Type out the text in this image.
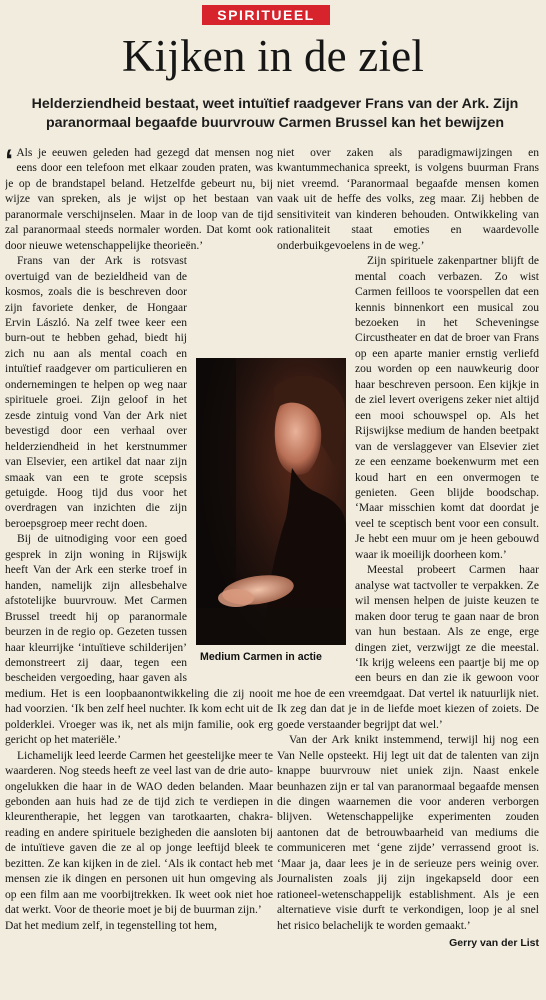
SPIRITUEEL
Kijken in de ziel
Helderziendheid bestaat, weet intuïtief raadgever Frans van der Ark. Zijn paranormaal begaafde buurvrouw Carmen Brussel kan het bewijzen

‘ Als je eeuwen geleden had gezegd dat mensen nog eens door een telefoon met elkaar zouden praten, was je op de brandstapel beland. Hetzelfde gebeurt nu, bij wijze van spreken, als je wijst op het bestaan van paranormale verschijnselen. Maar in de loop van de tijd zal paranormaal steeds normaler worden. Dat komt ook door nieuwe wetenschappelijke theorieën.’

Frans van der Ark is rotsvast overtuigd van de bezieldheid van de kosmos, zoals die is beschreven door zijn favoriete denker, de Hongaar Ervin László. Na zelf twee keer een burn-out te hebben gehad, biedt hij zich nu aan als mental coach en intuïtief raadgever om particulieren en ondernemingen te helpen op weg naar spirituele groei. Zijn geloof in het zesde zintuig vond Van der Ark niet bevestigd door een verhaal over helderziendheid in het kerstnummer van Elsevier, een artikel dat naar zijn smaak van een te grote scepsis getuigde. Hoog tijd dus voor het overdragen van inzichten die zijn beroepsgroep meer recht doen.

Bij de uitnodiging voor een goed gesprek in zijn woning in Rijswijk heeft Van der Ark een sterke troef in handen, namelijk zijn allesbehalve afstotelijke buurvrouw. Met Carmen Brussel treedt hij op paranormale beurzen in de regio op. Gezeten tussen haar kleurrijke ‘intuïtieve schilderijen’ demonstreert zij daar, tegen een bescheiden vergoeding, haar gaven als medium. Het is een loopbaanontwikkeling die zij nooit had voorzien. ‘Ik ben zelf heel nuchter. Ik kom echt uit de polderklei. Vroeger was ik, net als mijn familie, ook erg gericht op het materiële.’

Lichamelijk leed leerde Carmen het geestelijke meer te waarderen. Nog steeds heeft ze veel last van de drie auto-ongelukken die haar in de WAO deden belanden. Maar gebonden aan huis had ze de tijd zich te verdiepen in kleurentherapie, het leggen van tarotkaarten, chakra-reading en andere spirituele bezigheden die aansloten bij de intuïtieve gaven die ze al op jonge leeftijd bleek te bezitten. Ze kan kijken in de ziel. ‘Als ik contact heb met mensen zie ik dingen en personen uit hun omgeving als op een film aan me voorbijtrekken. Ik weet ook niet hoe dat werkt. Voor de theorie moet je bij de buurman zijn.’

Dat het medium zelf, in tegenstelling tot hem,

niet over zaken als paradigmawijzingen en kwantummechanica spreekt, is volgens buurman Frans niet vreemd. ‘Paranormaal begaafde mensen komen vaak uit de heffe des volks, zeg maar. Zij hebben de sensitiviteit van kinderen behouden. Ontwikkeling van rationaliteit staat emoties en waardevolle onderbuikgevoelens in de weg.’

Zijn spirituele zakenpartner blijft de mental coach verbazen. Zo wist Carmen feilloos te voorspellen dat een kennis binnenkort een musical zou bezoeken in het Scheveningse Circustheater en dat de broer van Frans op een aparte manier ernstig verliefd zou worden op een nauwkeurig door haar beschreven persoon. Een kijkje in de ziel levert overigens zeker niet altijd een mooi schouwspel op. Als het Rijswijkse medium de handen beetpakt van de verslaggever van Elsevier ziet ze een eenzame boekenwurm met een koud hart en een onvermogen te genieten. Geen blijde boodschap. ‘Maar misschien komt dat doordat je veel te sceptisch bent voor een consult. Je hebt een muur om je heen gebouwd waar ik moeilijk doorheen kom.’

Meestal probeert Carmen haar analyse wat tactvoller te verpakken. Ze wil mensen helpen de juiste keuzen te maken door terug te gaan naar de bron van hun bestaan. Als ze enge, erge dingen ziet, verzwijgt ze die meestal. ‘Ik krijg weleens een paartje bij me op een beurs en dan zie ik gewoon voor me hoe de een vreemdgaat. Dat vertel ik natuurlijk niet. Ik zeg dan dat je in de liefde moet kiezen of zoiets. De goede verstaander begrijpt dat wel.’

Van der Ark knikt instemmend, terwijl hij nog een Van Nelle opsteekt. Hij legt uit dat de talenten van zijn knappe buurvrouw niet uniek zijn. Naast enkele beunhazen zijn er tal van paranormaal begaafde mensen die dingen waarnemen die voor anderen verborgen blijven. Wetenschappelijke experimenten zouden aantonen dat de betrouwbaarheid van mediums die communiceren met ‘gene zijde’ verrassend groot is. ‘Maar ja, daar lees je in de serieuze pers weinig over. Journalisten zoals jij zijn ingekapseld door een rationeel-wetenschappelijk establishment. Als je een alternatieve visie durft te verkondigen, loop je al snel het risico belachelijk te worden gemaakt.’

Gerry van der List

Medium Carmen in actie
